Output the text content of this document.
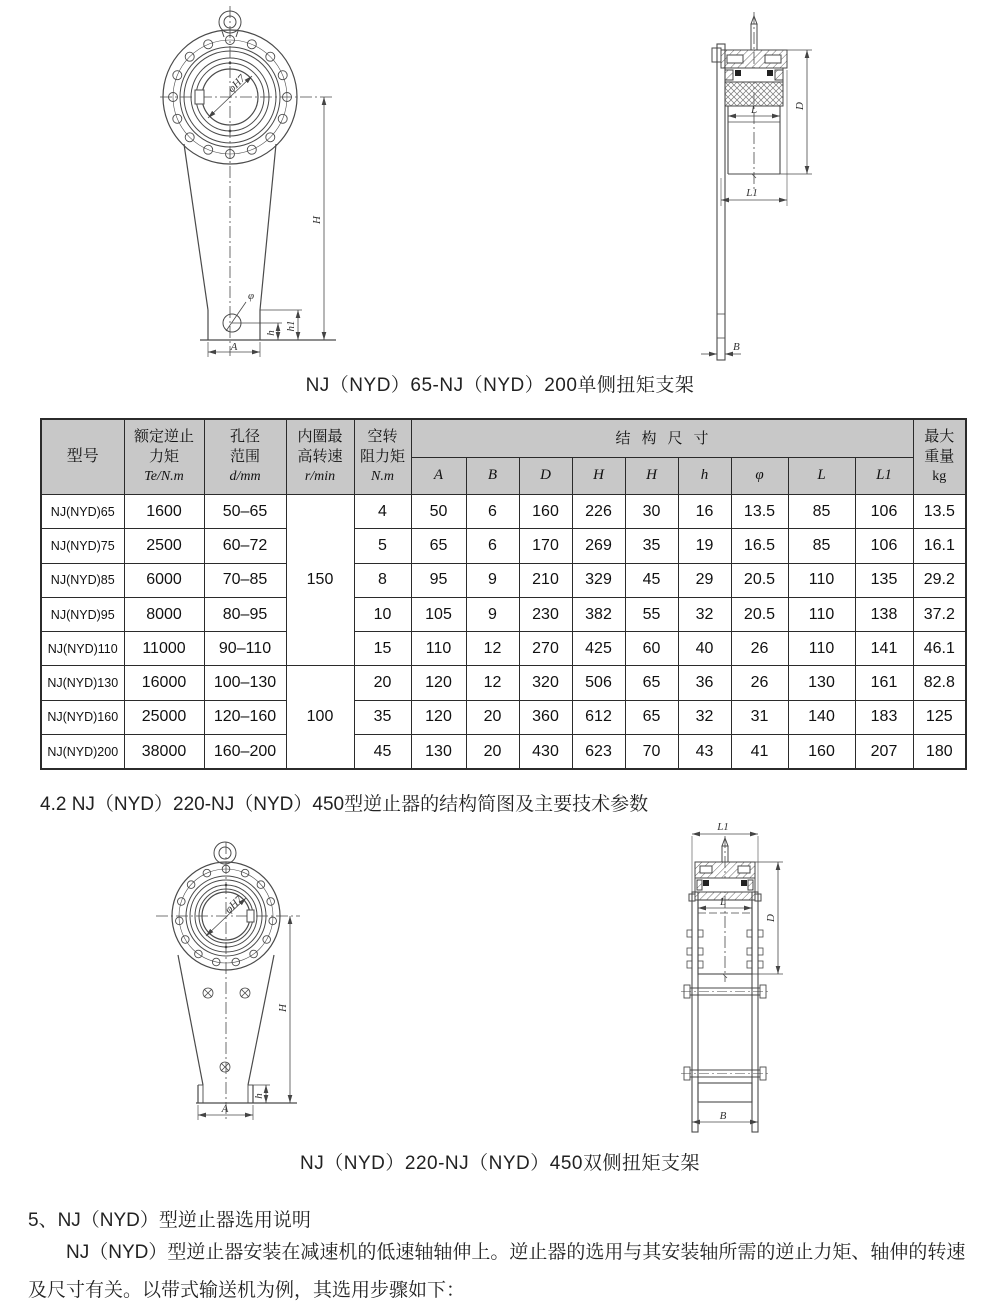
φH7
φ
H
h
h1
A
L	D
L1
B
NJ（NYD）65-NJ（NYD）200单侧扭矩支架
型号	额定逆止
力矩
Te/N.m	孔径
范围
d/mm	内圈最
高转速
r/min	空转
阻力矩
N.m	结构尺寸									最大
重量
kg
					A	B	D	H	H	h	φ	L	L1	
NJ(NYD)65	1600	50–65	150	4	50	6	160	226	30	16	13.5	85	106	13.5
NJ(NYD)75	2500	60–72		5	65	6	170	269	35	19	16.5	85	106	16.1
NJ(NYD)85	6000	70–85		8	95	9	210	329	45	29	20.5	110	135	29.2
NJ(NYD)95	8000	80–95		10	105	9	230	382	55	32	20.5	110	138	37.2
NJ(NYD)110	11000	90–110		15	110	12	270	425	60	40	26	110	141	46.1
NJ(NYD)130	16000	100–130	100	20	120	12	320	506	65	36	26	130	161	82.8
NJ(NYD)160	25000	120–160		35	120	20	360	612	65	32	31	140	183	125
NJ(NYD)200	38000	160–200		45	130	20	430	623	70	43	41	160	207	180
4.2 NJ（NYD）220-NJ（NYD）450型逆止器的结构简图及主要技术参数
φH7
H
h
A
L1
L
D
B
NJ（NYD）220-NJ（NYD）450双侧扭矩支架
5、NJ（NYD）型逆止器选用说明
NJ（NYD）型逆止器安装在减速机的低速轴轴伸上。逆止器的选用与其安装轴所需的逆止力矩、轴伸的转速及尺寸有关。以带式输送机为例，其选用步骤如下：
